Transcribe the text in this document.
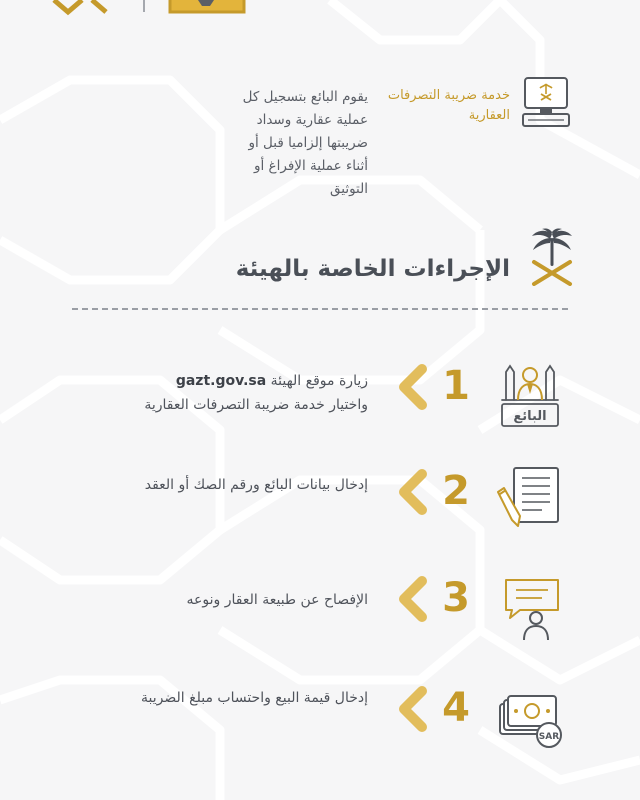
خدمة ضريبة التصرفات العقارية
يقوم البائع بتسجيل كل عملية عقارية وسداد ضريبتها إلزاميا قبل أو أثناء عملية الإفراغ أو التوثيق
الإجراءات الخاصة بالهيئة
البائع
1
زيارة موقع الهيئة gazt.gov.sa واختيار خدمة ضريبة التصرفات العقارية
2
إدخال بيانات البائع ورقم الصك أو العقد
3
الإفصاح عن طبيعة العقار ونوعه
SAR
4
إدخال قيمة البيع واحتساب مبلغ الضريبة
